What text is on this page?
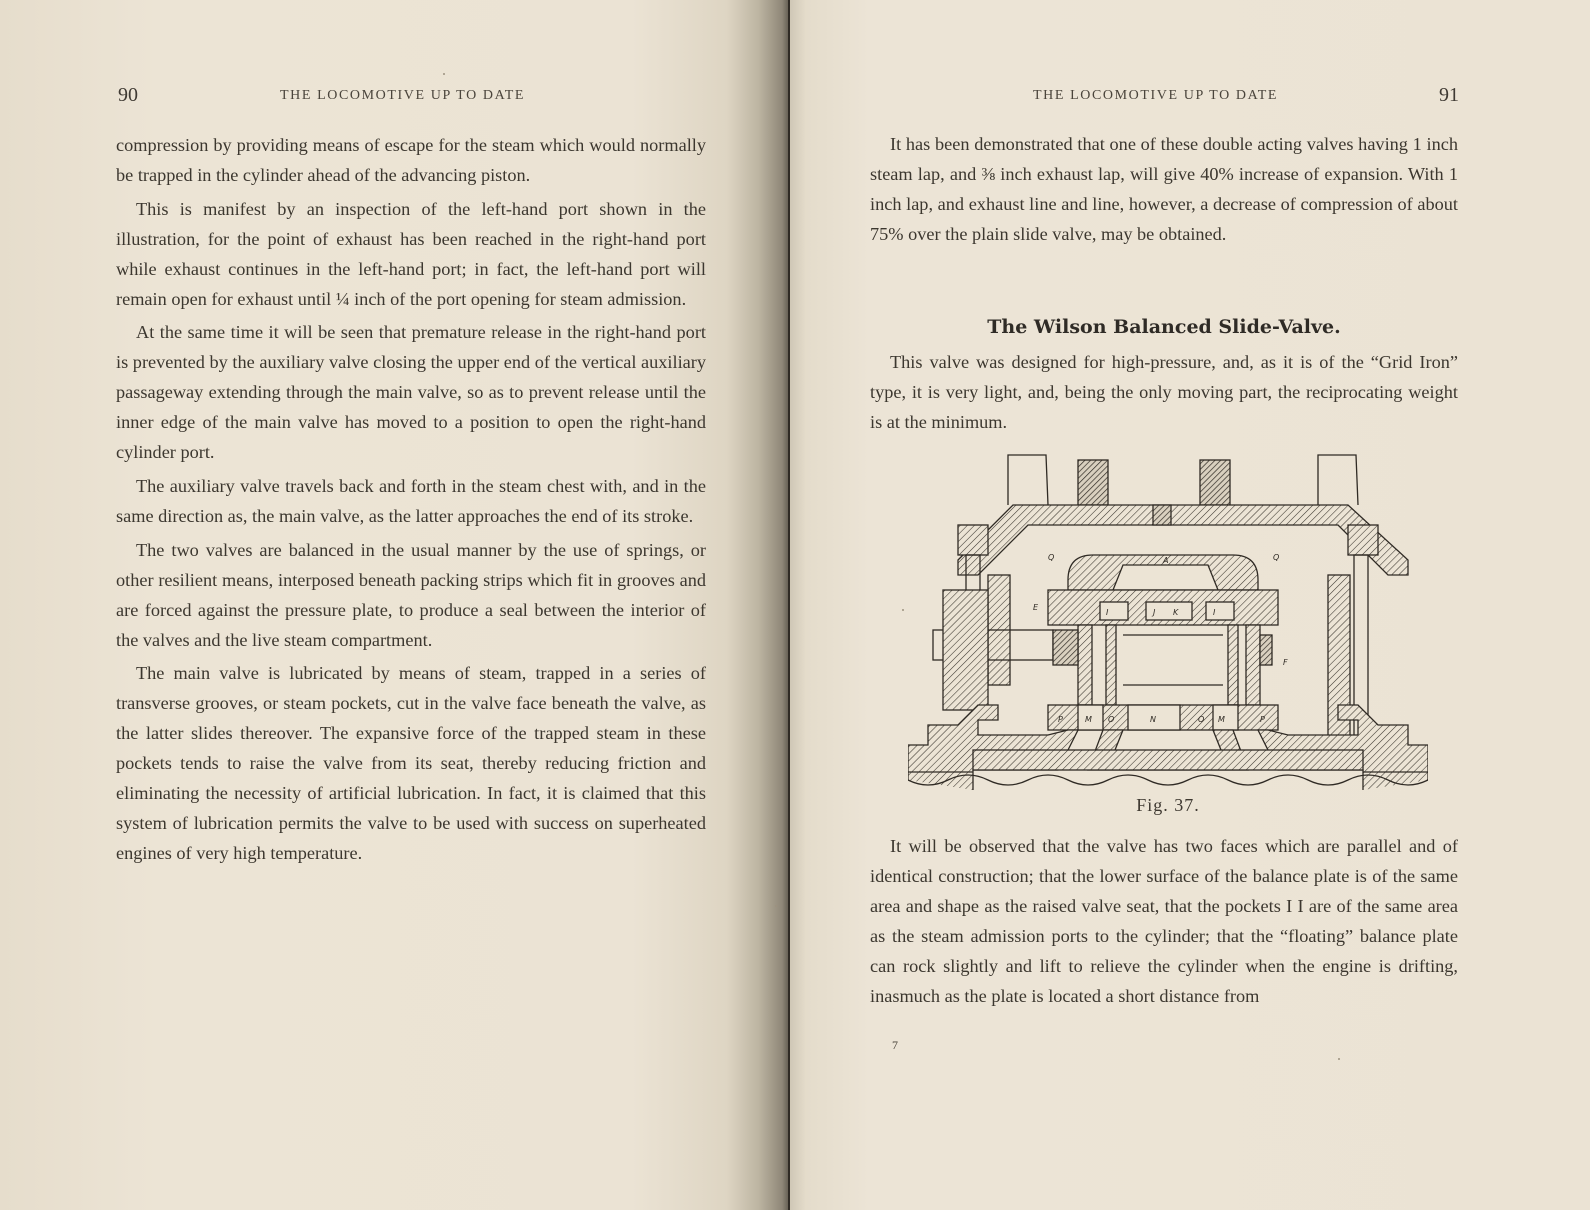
90	THE LOCOMOTIVE UP TO DATE

compression by providing means of escape for the steam which would normally be trapped in the cylinder ahead of the advancing piston.

This is manifest by an inspection of the left-hand port shown in the illustration, for the point of exhaust has been reached in the right-hand port while exhaust continues in the left-hand port; in fact, the left-hand port will remain open for exhaust until ¼ inch of the port opening for steam admission.

At the same time it will be seen that premature release in the right-hand port is prevented by the auxiliary valve closing the upper end of the vertical auxiliary passageway extending through the main valve, so as to prevent release until the inner edge of the main valve has moved to a position to open the right-hand cylinder port.

The auxiliary valve travels back and forth in the steam chest with, and in the same direction as, the main valve, as the latter approaches the end of its stroke.

The two valves are balanced in the usual manner by the use of springs, or other resilient means, interposed beneath packing strips which fit in grooves and are forced against the pressure plate, to produce a seal between the interior of the valves and the live steam compartment.

The main valve is lubricated by means of steam, trapped in a series of transverse grooves, or steam pockets, cut in the valve face beneath the valve, as the latter slides thereover. The expansive force of the trapped steam in these pockets tends to raise the valve from its seat, thereby reducing friction and eliminating the necessity of artificial lubrication. In fact, it is claimed that this system of lubrication permits the valve to be used with success on superheated engines of very high temperature.

THE LOCOMOTIVE UP TO DATE	91

It has been demonstrated that one of these double acting valves having 1 inch steam lap, and ⅜ inch exhaust lap, will give 40% increase of expansion. With 1 inch lap, and exhaust line and line, however, a decrease of compression of about 75% over the plain slide valve, may be obtained.

The Wilson Balanced Slide-Valve.

This valve was designed for high-pressure, and, as it is of the “Grid Iron” type, it is very light, and, being the only moving part, the reciprocating weight is at the minimum.

I	J K	I
M	N	M
P	P
O	O
E
F
A
Q	Q
Fig. 37.

It will be observed that the valve has two faces which are parallel and of identical construction; that the lower surface of the balance plate is of the same area and shape as the raised valve seat, that the pockets I I are of the same area as the steam admission ports to the cylinder; that the “floating” balance plate can rock slightly and lift to relieve the cylinder when the engine is drifting, inasmuch as the plate is located a short distance from

7
